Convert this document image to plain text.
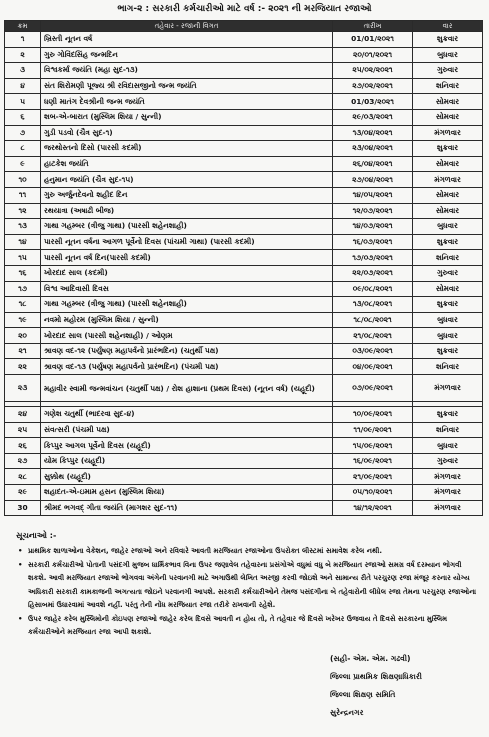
ભાગ-૨ : સરકારી કર્મચારીઓ માટે વર્ષ :- ૨૦૨૧ ની મરજિયાત રજાઓ
ક્રમ	તહેવાર - રજાની વિગત	તારીખ	વાર
૧	ખ્રિસ્તી નૂતન વર્ષ	01/01/૨૦૨૧	શુક્રવાર
૨	ગુરુ ગોવિંદસિંહ જન્મદિન	૨૦/૦૧/૨૦૨૧	બુધવાર
૩	વિશ્વકર્મા જયંતિ (મહા સુદ-૧૩)	૨૫/૦૨/૨૦૨૧	ગુરુવાર
૪	સંત શિરોમણી પૂજ્ય શ્રી રવિદાસજીનો જન્મ જયંતિ	૨૭/૦૨/૨૦૨૧	શનિવાર
૫	ધણી માતંગ દેવશ્રીની જન્મ જયંતિ	01/03/૨૦૨૧	સોમવાર
૬	શબ-એ-બારાત (મુસ્લિમ શિયા / સુન્ની)	૨૯/૦૩/૨૦૨૧	સોમવાર
૭	ગુડી પડવો (ચૈત્ર સુદ-૧)	૧૩/૦૪/૨૦૨૧	મંગળવાર
૮	જરથોસ્તનો દિસો (પારસી કદમી)	૨૩/૦૪/૨૦૨૧	શુક્રવાર
૯	હાટકેશ જયંતિ	૨૬/૦૪/૨૦૨૧	સોમવાર
૧૦	હનુમાન જયંતિ (ચૈત્ર સુદ-૧૫)	૨૭/૦૪/૨૦૨૧	મંગળવાર
૧૧	ગુરુ અર્જુનદેવનો શહીદ દિન	૧૪/૦૫/૨૦૨૧	સોમવાર
૧૨	રથયાત્રા (અષાઢી બીજ)	૧૨/૦૭/૨૦૨૧	સોમવાર
૧૩	ગાથા ગહમ્બર (ત્રીજુ ગાથા) (પારસી શહેનશાહી)	૧૪/૦૭/૨૦૨૧	બુધવાર
૧૪	પારસી નૂતન વર્ષના આગળ પૂર્વેનો દિવસ (પાંચમી ગાથા) (પારસી કદમી)	૧૬/૦૭/૨૦૨૧	શુક્રવાર
૧૫	પારસી નૂતન વર્ષ દિન(પારસી કદમી)	૧૭/૦૭/૨૦૨૧	શનિવાર
૧૬	ખોરદાદ સાલ (કદમી)	૨૨/૦૭/૨૦૨૧	ગુરુવાર
૧૭	વિશ્વ આદિવાસી દિવસ	૦૯/૦૮/૨૦૨૧	સોમવાર
૧૮	ગાથા ગહમ્બર (ત્રીજુ ગાથા) (પારસી શહેનશાહી)	૧૩/૦૮/૨૦૨૧	શુક્રવાર
૧૯	નવમો મહોરમ (મુસ્લિમ શિયા / સુન્ની)	૧૮/૦૮/૨૦૨૧	બુધવાર
૨૦	ખોરદાદ સાલ (પારસી શહેનશાહી) / ઓણમ	૨૧/૦૮/૨૦૨૧	બુધવાર
૨૧	શ્રાવણ વદ-૧૨ (પર્યુષણ મહાપર્વનો પ્રારંભદિન) (ચતુર્થી પક્ષ)	૦૩/૦૯/૨૦૨૧	શુક્રવાર
૨૨	શ્રાવણ વદ-૧૩ (પર્યુષણ મહાપર્વનો પ્રારંભદિન) (પંચમી પક્ષ)	૦૪/૦૯/૨૦૨૧	શનિવાર
૨૩	મહાવીર સ્વામી જન્મવાંચન (ચતુર્થી પક્ષ) / રોશ હાશાના (પ્રથમ દિવસ) (નૂતન વર્ષ) (યહૂદી)	૦૭/૦૯/૨૦૨૧	મંગળવાર

૨૪	ગણેશ ચતુર્થી (ભાદરવા સુદ-૪)	૧૦/૦૯/૨૦૨૧	શુક્રવાર
૨૫	સંવત્સરી (પંચમી પક્ષ)	૧૧/૦૯/૨૦૨૧	શનિવાર
૨૬	કિપ્પુર આગલ પૂર્વેનો દિવસ (યહૂદી)	૧૫/૦૯/૨૦૨૧	બુધવાર
૨૭	યોમ કિપ્પુર (યહૂદી)	૧૬/૦૯/૨૦૨૧	ગુરુવાર
૨૮	સુક્કોથ (યહૂદી)	૨૧/૦૯/૨૦૨૧	મંગળવાર
૨૯	શહાદત-એ-ઇમામ હસન (મુસ્લિમ શિયા)	૦૫/૧૦/૨૦૨૧	મંગળવાર
30	શ્રીમદ ભગવદ્ ગીતા જયંતિ (માગશર સુદ-૧૧)	૧૪/૧૨/૨૦૨૧	મંગળવાર
સૂચનાઓ :-
• પ્રાથમિક શાળાઓના વેકેશન, જાહેર રજાઓ અને રવિવારે આવતી મરજિયાત રજાઓના ઉપરોક્ત લીસ્ટમાં સમાવેશ કરેલ નથી.
• સરકારી કર્મચારીઓ પોતાની પસંદગી મુજબ ધાર્મિકભાવ વિના ઉપર જણાવેલ તહેવારના પ્રસંગોએ વધુમાં વધુ બે મરજિયાત રજાઓ સમગ્ર વર્ષ દરમ્યાન ભોગવી શકશે. આવી મરજિયાત રજાઓ ભોગવવા અંગેની પરવાનગી માટે અગાઉથી લેખિત અરજી કરવી જોઇશે અને સામાન્ય રીતે પરચુરણ રજા મંજૂર કરનાર યોગ્ય અધિકારી સરકારી કામકાજની અગત્યતા જોઇને પરવાનગી આપશે. સરકારી કર્મચારીઓને તેમજ પસંદગીના બે તહેવારોની લીધેલ રજા તેમના પરચુરણ રજાઓના હિસાબમાં ઉધારવામાં આવશે નહીં. પરંતુ તેની નોંધ મરજિયાત રજા તરીકે રાખવાની રહેશે.
• ઉપર જાહેર કરેલ મુસ્લિમોની કોઇપણ રજાઓ જાહેર કરેલ દિવસે આવતી ન હોય તો, તે તહેવાર જે દિવસે ખરેખર ઉજવાય તે દિવસે સરકારના મુસ્લિમ કર્મચારીઓને મરજિયાત રજા આપી શકાશે.
(સહી- એમ. એમ. ગઢવી)
જિલ્લા પ્રાથમિક શિક્ષણાધિકારી
જિલ્લા શિક્ષણ સમિતિ
સુરેન્દ્રનગર
